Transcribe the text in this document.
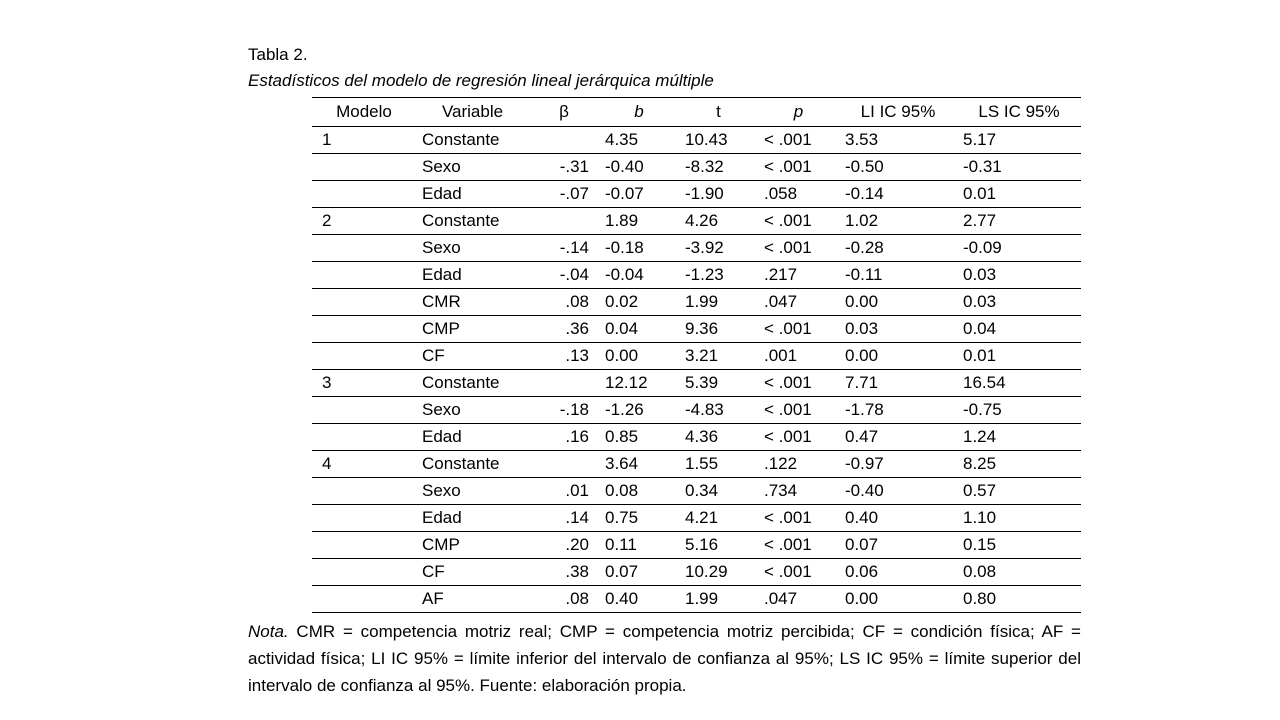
Tabla 2.
Estadísticos del modelo de regresión lineal jerárquica múltiple
Modelo	Variable	β	b	t	p	LI IC 95%	LS IC 95%
1	Constante		4.35	10.43	< .001	3.53	5.17
	Sexo	-.31	-0.40	-8.32	< .001	-0.50	-0.31
	Edad	-.07	-0.07	-1.90	.058	-0.14	0.01
2	Constante		1.89	4.26	< .001	1.02	2.77
	Sexo	-.14	-0.18	-3.92	< .001	-0.28	-0.09
	Edad	-.04	-0.04	-1.23	.217	-0.11	0.03
	CMR	.08	0.02	1.99	.047	0.00	0.03
	CMP	.36	0.04	9.36	< .001	0.03	0.04
	CF	.13	0.00	3.21	.001	0.00	0.01
3	Constante		12.12	5.39	< .001	7.71	16.54
	Sexo	-.18	-1.26	-4.83	< .001	-1.78	-0.75
	Edad	.16	0.85	4.36	< .001	0.47	1.24
4	Constante		3.64	1.55	.122	-0.97	8.25
	Sexo	.01	0.08	0.34	.734	-0.40	0.57
	Edad	.14	0.75	4.21	< .001	0.40	1.10
	CMP	.20	0.11	5.16	< .001	0.07	0.15
	CF	.38	0.07	10.29	< .001	0.06	0.08
	AF	.08	0.40	1.99	.047	0.00	0.80
Nota. CMR = competencia motriz real; CMP = competencia motriz percibida; CF = condición física; AF = actividad física; LI IC 95% = límite inferior del intervalo de confianza al 95%; LS IC 95% = límite superior del intervalo de confianza al 95%. Fuente: elaboración propia.
